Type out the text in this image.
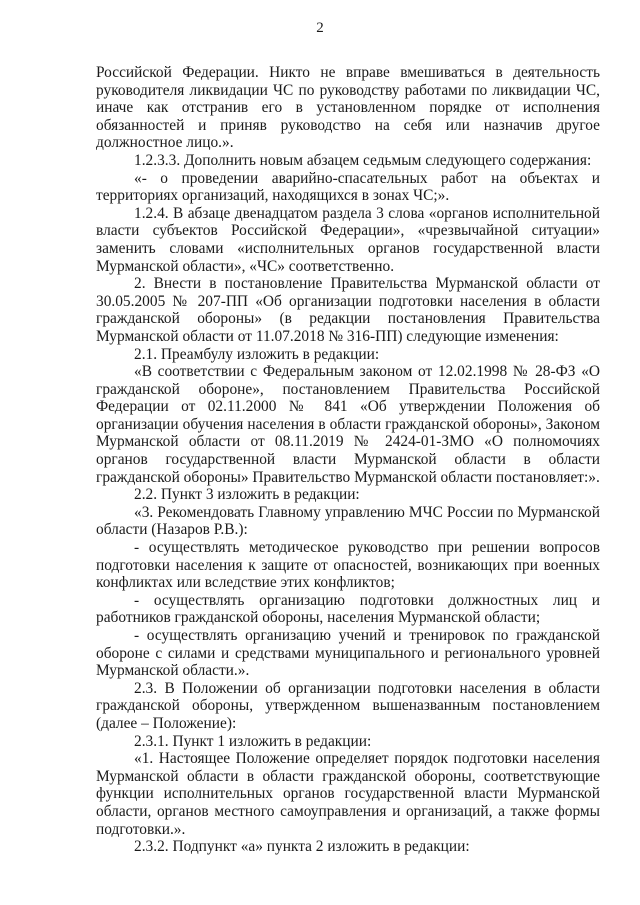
2

Российской Федерации. Никто не вправе вмешиваться в деятельность руководителя ликвидации ЧС по руководству работами по ликвидации ЧС, иначе как отстранив его в установленном порядке от исполнения обязанностей и приняв руководство на себя или назначив другое должностное лицо.».

1.2.3.3. Дополнить новым абзацем седьмым следующего содержания:

«- о проведении аварийно-спасательных работ на объектах и территориях организаций, находящихся в зонах ЧС;».

1.2.4. В абзаце двенадцатом раздела 3 слова «органов исполнительной власти субъектов Российской Федерации», «чрезвычайной ситуации» заменить словами «исполнительных органов государственной власти Мурманской области», «ЧС» соответственно.

2. Внести в постановление Правительства Мурманской области от 30.05.2005 № 207-ПП «Об организации подготовки населения в области гражданской обороны» (в редакции постановления Правительства Мурманской области от 11.07.2018 № 316-ПП) следующие изменения:

2.1. Преамбулу изложить в редакции:

«В соответствии с Федеральным законом от 12.02.1998 № 28-ФЗ «О гражданской обороне», постановлением Правительства Российской Федерации от 02.11.2000 № 841 «Об утверждении Положения об организации обучения населения в области гражданской обороны», Законом Мурманской области от 08.11.2019 № 2424-01-ЗМО «О полномочиях органов государственной власти Мурманской области в области гражданской обороны» Правительство Мурманской области постановляет:».

2.2. Пункт 3 изложить в редакции:

«3. Рекомендовать Главному управлению МЧС России по Мурманской области (Назаров Р.В.):

- осуществлять методическое руководство при решении вопросов подготовки населения к защите от опасностей, возникающих при военных конфликтах или вследствие этих конфликтов;

- осуществлять организацию подготовки должностных лиц и работников гражданской обороны, населения Мурманской области;

- осуществлять организацию учений и тренировок по гражданской обороне с силами и средствами муниципального и регионального уровней Мурманской области.».

2.3. В Положении об организации подготовки населения в области гражданской обороны, утвержденном вышеназванным постановлением (далее – Положение):

2.3.1. Пункт 1 изложить в редакции:

«1. Настоящее Положение определяет порядок подготовки населения Мурманской области в области гражданской обороны, соответствующие функции исполнительных органов государственной власти Мурманской области, органов местного самоуправления и организаций, а также формы подготовки.».

2.3.2. Подпункт «а» пункта 2 изложить в редакции:
